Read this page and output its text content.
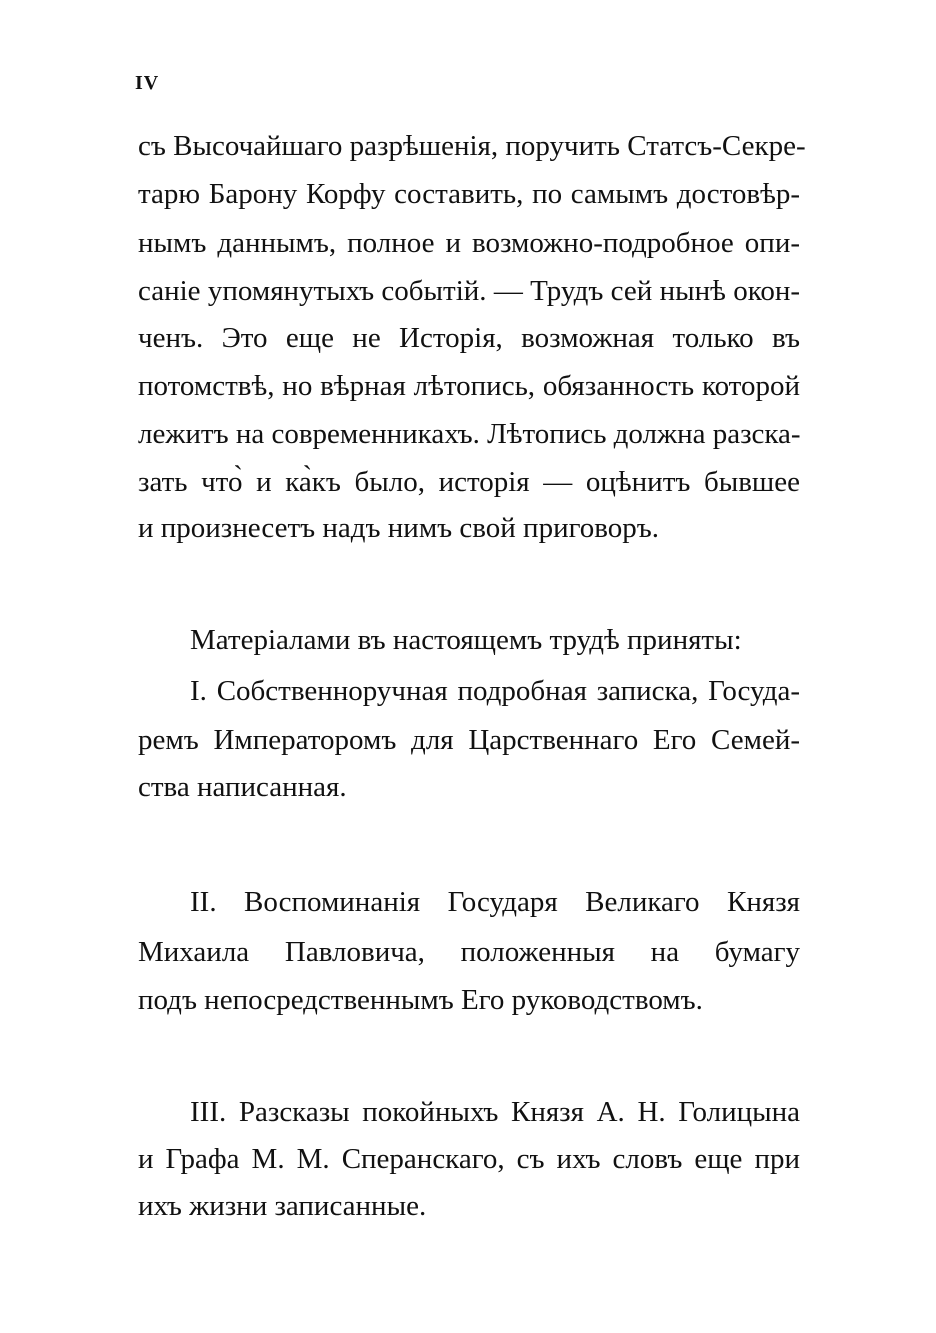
IV
съ Высочайшаго разрѣшенія, поручить Статсъ-Секре-
тарю Барону Корфу составить, по самымъ достовѣр-
нымъ даннымъ, полное и возможно-подробное опи-
саніе упомянутыхъ событій. — Трудъ сей нынѣ окон-
ченъ. Это еще не Исторія, возможная только въ
потомствѣ, но вѣрная лѣтопись, обязанность которой
лежитъ на современникахъ. Лѣтопись должна разска-
зать что̀ и ка̀къ было, исторія — оцѣнитъ бывшее
и произнесетъ надъ нимъ свой приговоръ.
Матеріалами въ настоящемъ трудѣ приняты:
I. Собственноручная подробная записка, Госуда-
ремъ Императоромъ для Царственнаго Его Семей-
ства написанная.
II. Воспоминанія Государя Великаго Князя
Михаила Павловича, положенныя на бумагу
подъ непосредственнымъ Его руководствомъ.
III. Разсказы покойныхъ Князя А. Н. Голицына
и Графа М. М. Сперанскаго, съ ихъ словъ еще при
ихъ жизни записанные.
